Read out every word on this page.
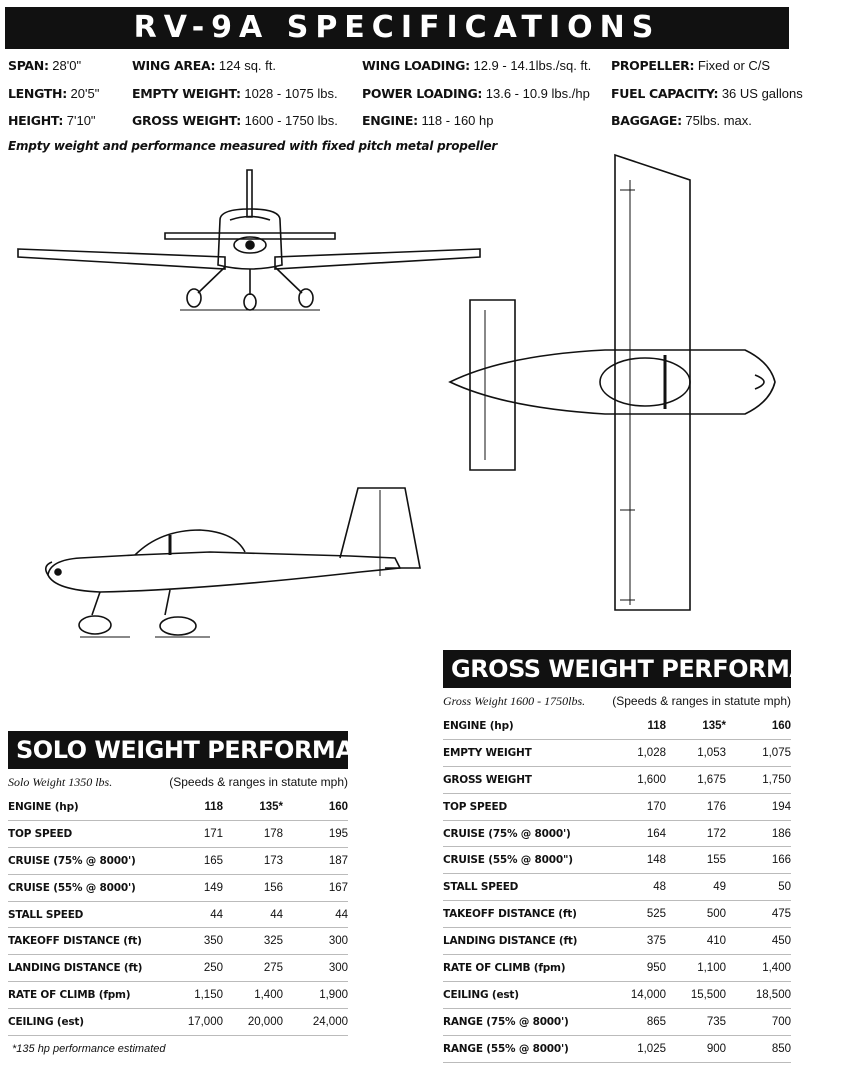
RV-9A SPECIFICATIONS
SPAN: 28'0"
LENGTH: 20'5"
HEIGHT: 7'10"
WING AREA: 124 sq. ft.
EMPTY WEIGHT: 1028 - 1075 lbs.
GROSS WEIGHT: 1600 - 1750 lbs.
WING LOADING: 12.9 - 14.1lbs./sq. ft.
POWER LOADING: 13.6 - 10.9 lbs./hp
ENGINE: 118 - 160 hp
PROPELLER: Fixed or C/S
FUEL CAPACITY: 36 US gallons
BAGGAGE: 75lbs. max.
Empty weight and performance measured with fixed pitch metal propeller
GROSS WEIGHT PERFORMANCE
Gross Weight 1600 - 1750lbs. (Speeds & ranges in statute mph)
ENGINE (hp)	118	135*	160
EMPTY WEIGHT	1,028	1,053	1,075
GROSS WEIGHT	1,600	1,675	1,750
TOP SPEED	170	176	194
CRUISE (75% @ 8000')	164	172	186
CRUISE (55% @ 8000")	148	155	166
STALL SPEED	48	49	50
TAKEOFF DISTANCE (ft)	525	500	475
LANDING DISTANCE (ft)	375	410	450
RATE OF CLIMB (fpm)	950	1,100	1,400
CEILING (est)	14,000	15,500	18,500
RANGE (75% @ 8000')	865	735	700
RANGE (55% @ 8000')	1,025	900	850
SOLO WEIGHT PERFORMANCE
Solo Weight 1350 lbs.	(Speeds & ranges in statute mph)
ENGINE (hp)	118	135*	160
TOP SPEED	171	178	195
CRUISE (75% @ 8000')	165	173	187
CRUISE (55% @ 8000')	149	156	167
STALL SPEED	44	44	44
TAKEOFF DISTANCE (ft)	350	325	300
LANDING DISTANCE (ft)	250	275	300
RATE OF CLIMB (fpm)	1,150	1,400	1,900
CEILING (est)	17,000	20,000	24,000
*135 hp performance estimated
